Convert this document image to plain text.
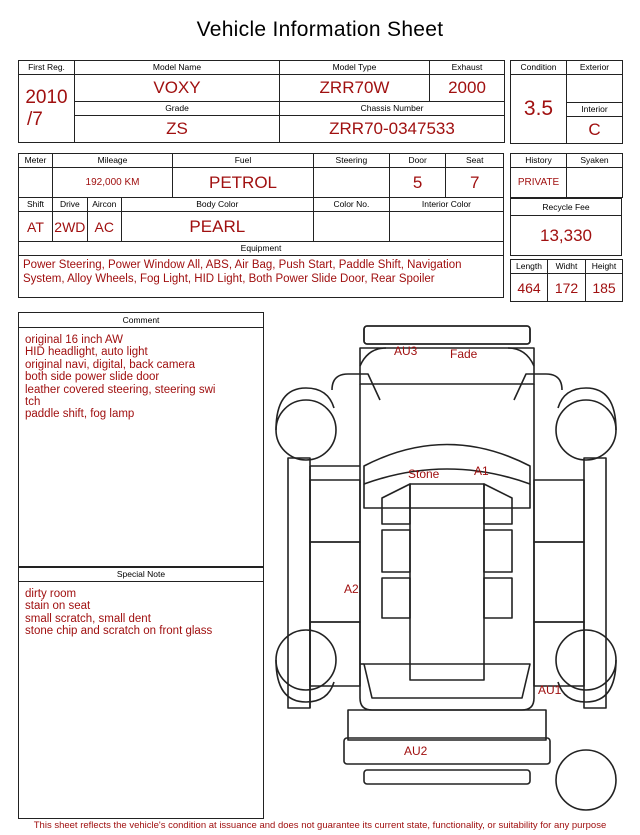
Vehicle Information Sheet
First Reg.	Model Name	Model Type	Exhaust

2010
/7	VOXY	ZRR70W	2000
	Grade	Chassis Number	
	ZS	ZRR70-0347533	
Meter	Mileage			Fuel	Steering	Door	Seat
	192,000 KM			PETROL		5	7
Shift	Drive	Aircon	Body Color		Color No.	Interior Color	
AT	2WD	AC	PEARL				
Equipment							
Power Steering, Power Window All, ABS, Air Bag, Push Start, Paddle Shift, Navigation System, Alloy Wheels, Fog Light, HID Light, Both Power Slide Door, Rear Spoiler							
Condition	Exterior
3.5	
	Interior
	C
History	Syaken
PRIVATE	
Recycle Fee
13,330
Length	Widht	Height
464	172	185
Comment
original 16 inch AW
HID headlight, auto light
original navi, digital, back camera
both side power slide door
leather covered steering, steering swi
tch
paddle shift, fog lamp
Special Note
dirty room
stain on seat
small scratch, small dent
stone chip and scratch on front glass
AU3	Fade
Stone	A1
A2
AU1
AU2
This sheet reflects the vehicle's condition at issuance and does not guarantee its current state, functionality, or suitability for any purpose
